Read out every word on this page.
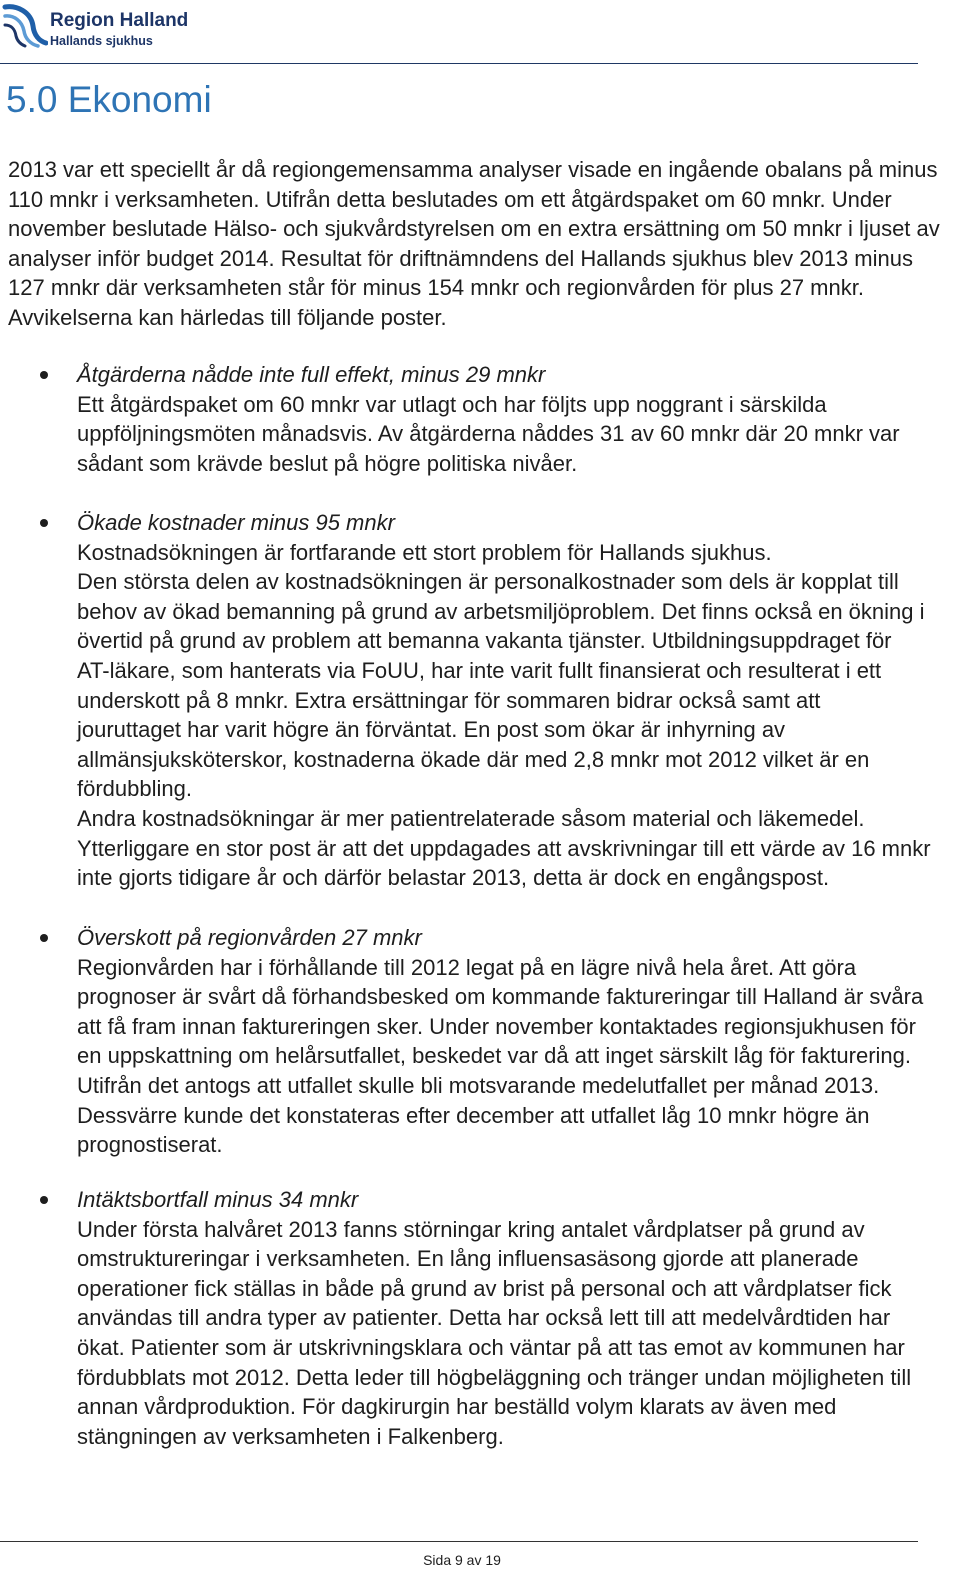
Region Halland
Hallands sjukhus
5.0 Ekonomi
2013 var ett speciellt år då regiongemensamma analyser visade en ingående obalans på minus
110 mnkr i verksamheten. Utifrån detta beslutades om ett åtgärdspaket om 60 mnkr. Under
november beslutade Hälso- och sjukvårdstyrelsen om en extra ersättning om 50 mnkr i ljuset av
analyser inför budget 2014. Resultat för driftnämndens del Hallands sjukhus blev 2013 minus
127 mnkr där verksamheten står för minus 154 mnkr och regionvården för plus 27 mnkr.
Avvikelserna kan härledas till följande poster.
Åtgärderna nådde inte full effekt, minus 29 mnkr
Ett åtgärdspaket om 60 mnkr var utlagt och har följts upp noggrant i särskilda
uppföljningsmöten månadsvis. Av åtgärderna nåddes 31 av 60 mnkr där 20 mnkr var
sådant som krävde beslut på högre politiska nivåer.
Ökade kostnader minus 95 mnkr
Kostnadsökningen är fortfarande ett stort problem för Hallands sjukhus.
Den största delen av kostnadsökningen är personalkostnader som dels är kopplat till
behov av ökad bemanning på grund av arbetsmiljöproblem. Det finns också en ökning i
övertid på grund av problem att bemanna vakanta tjänster. Utbildningsuppdraget för
AT-läkare, som hanterats via FoUU, har inte varit fullt finansierat och resulterat i ett
underskott på 8 mnkr. Extra ersättningar för sommaren bidrar också samt att
jouruttaget har varit högre än förväntat. En post som ökar är inhyrning av
allmänsjuksköterskor, kostnaderna ökade där med 2,8 mnkr mot 2012 vilket är en
fördubbling.
Andra kostnadsökningar är mer patientrelaterade såsom material och läkemedel.
Ytterliggare en stor post är att det uppdagades att avskrivningar till ett värde av 16 mnkr
inte gjorts tidigare år och därför belastar 2013, detta är dock en engångspost.
Överskott på regionvården 27 mnkr
Regionvården har i förhållande till 2012 legat på en lägre nivå hela året. Att göra
prognoser är svårt då förhandsbesked om kommande faktureringar till Halland är svåra
att få fram innan faktureringen sker. Under november kontaktades regionsjukhusen för
en uppskattning om helårsutfallet, beskedet var då att inget särskilt låg för fakturering.
Utifrån det antogs att utfallet skulle bli motsvarande medelutfallet per månad 2013.
Dessvärre kunde det konstateras efter december att utfallet låg 10 mnkr högre än
prognostiserat.
Intäktsbortfall minus 34 mnkr
Under första halvåret 2013 fanns störningar kring antalet vårdplatser på grund av
omstruktureringar i verksamheten. En lång influensasäsong gjorde att planerade
operationer fick ställas in både på grund av brist på personal och att vårdplatser fick
användas till andra typer av patienter. Detta har också lett till att medelvårdtiden har
ökat. Patienter som är utskrivningsklara och väntar på att tas emot av kommunen har
fördubblats mot 2012. Detta leder till högbeläggning och tränger undan möjligheten till
annan vårdproduktion. För dagkirurgin har beställd volym klarats av även med
stängningen av verksamheten i Falkenberg.
Sida 9 av 19
